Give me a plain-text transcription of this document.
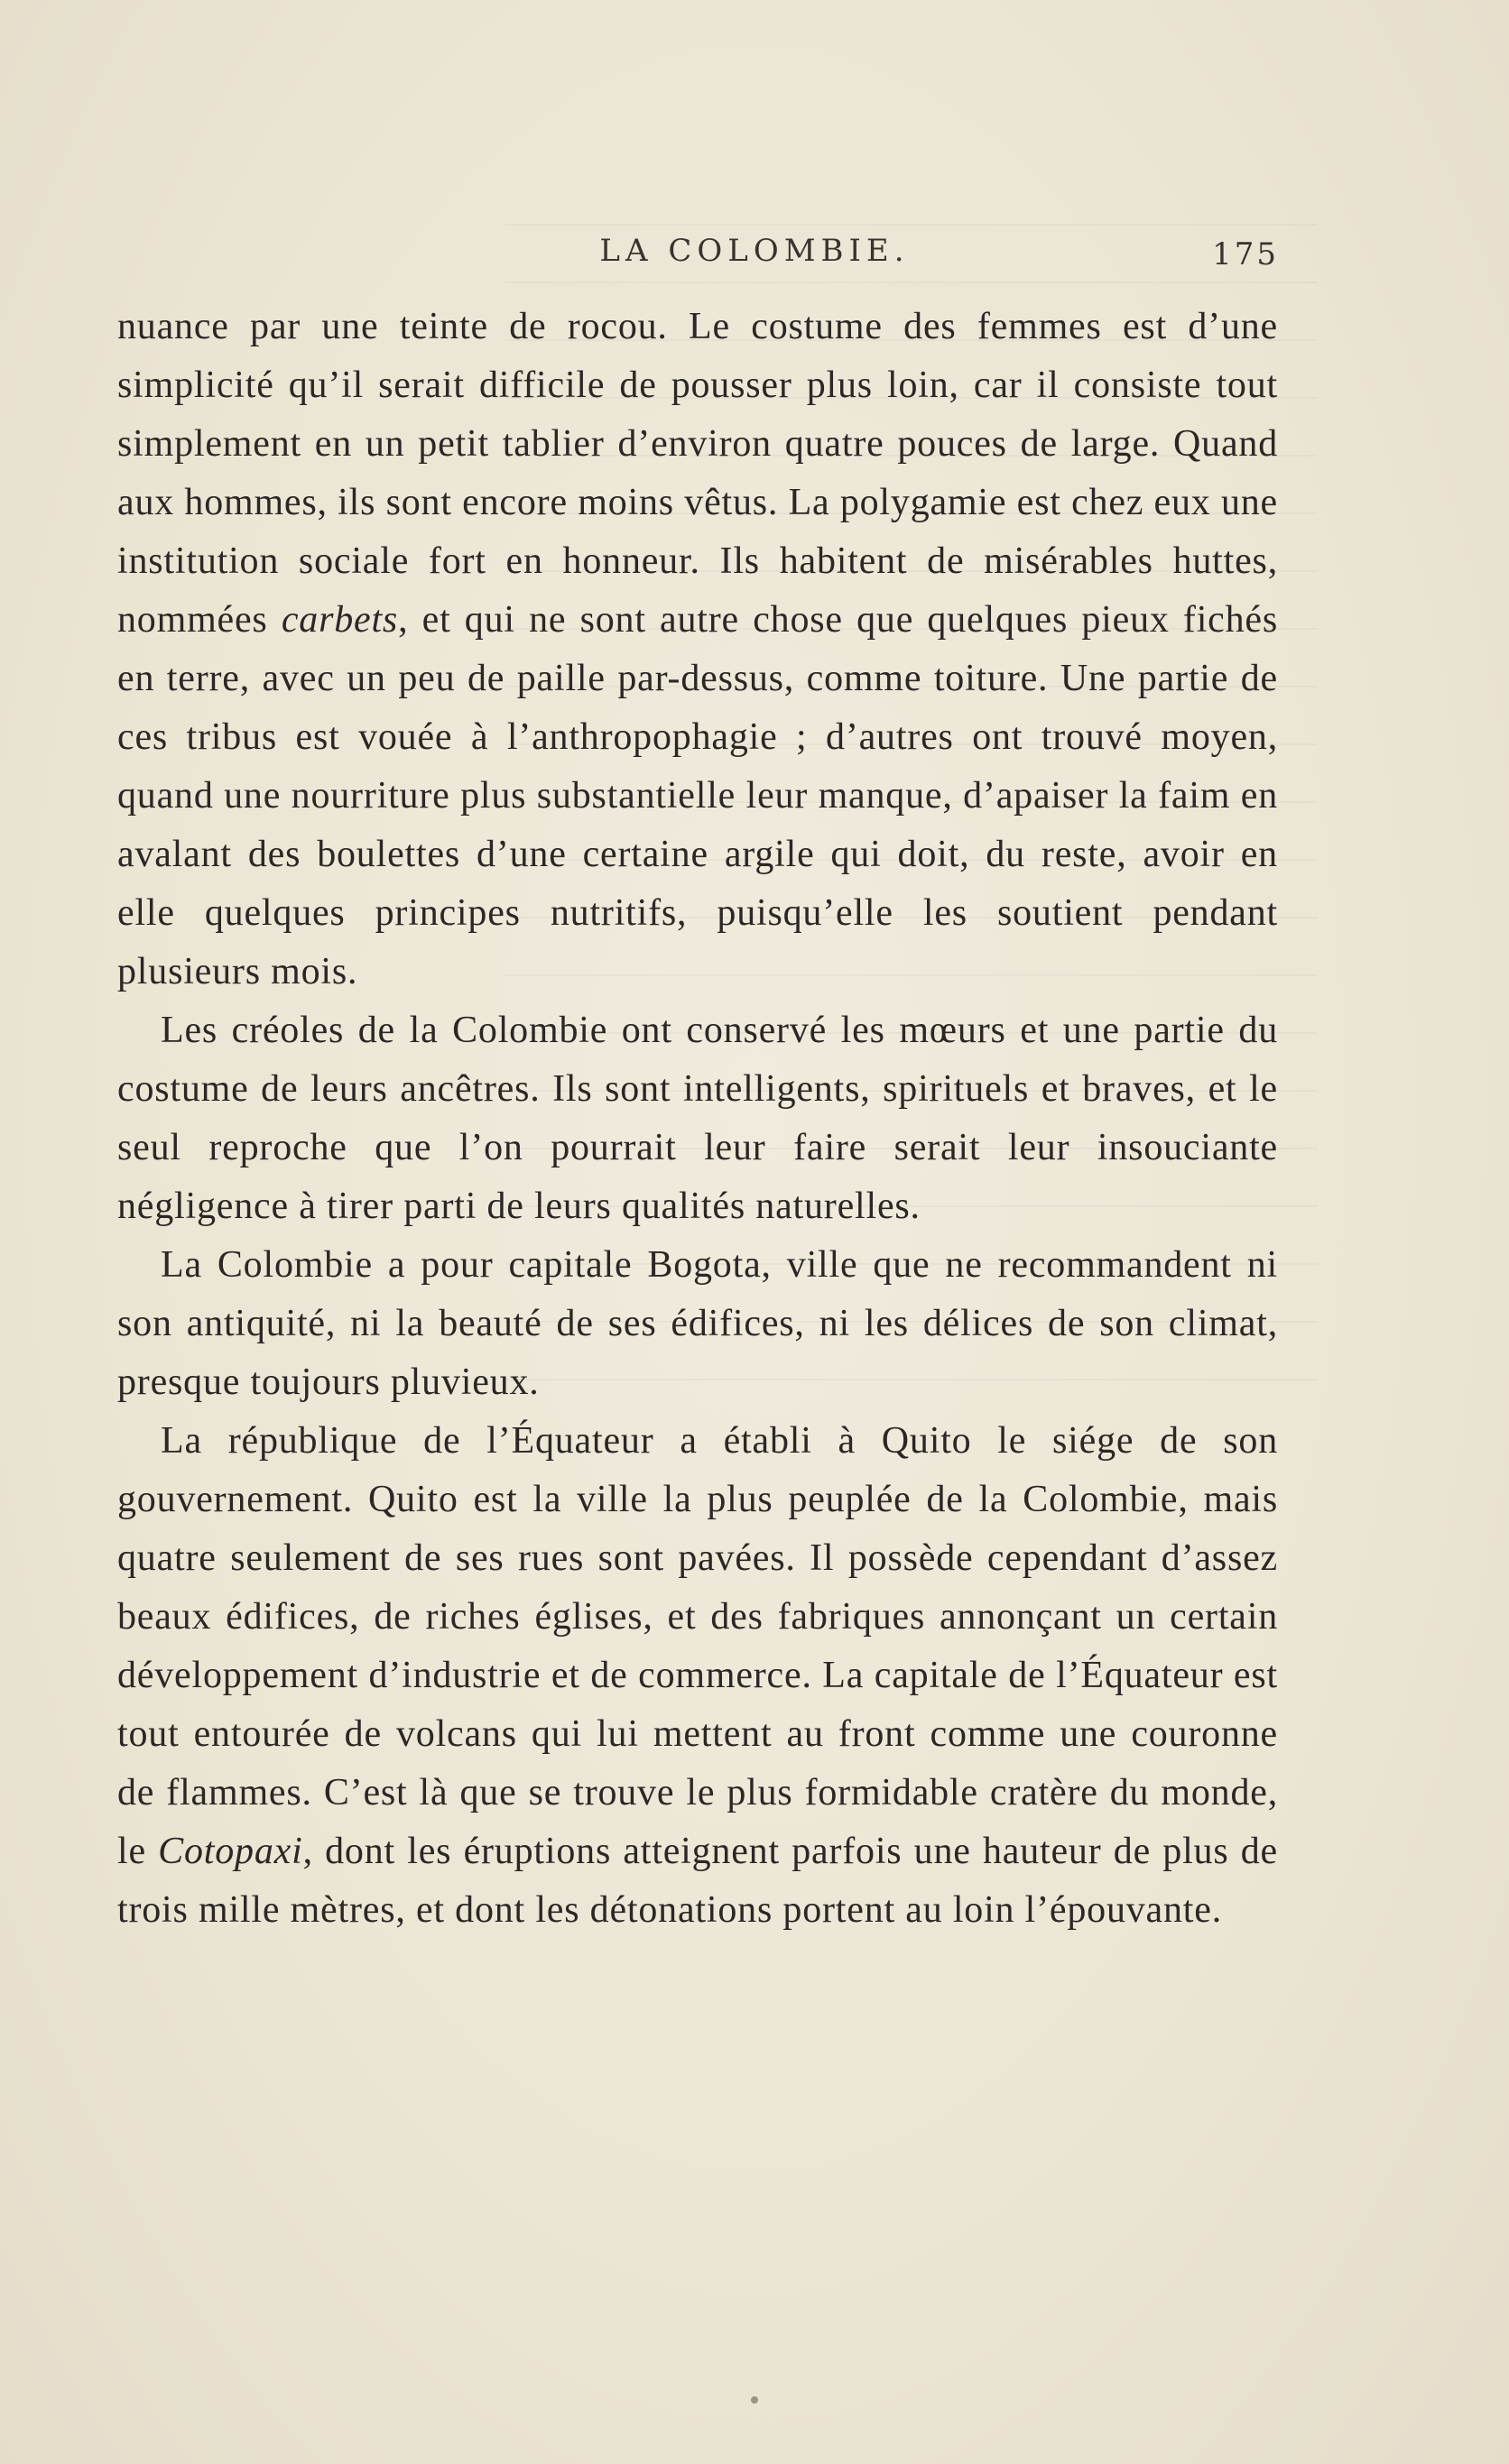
LA COLOMBIE.	175

nuance par une teinte de rocou. Le costume des femmes est d’une simplicité qu’il serait difficile de pousser plus loin, car il consiste tout simplement en un petit tablier d’environ quatre pouces de large. Quand aux hommes, ils sont encore moins vêtus. La polygamie est chez eux une institution sociale fort en honneur. Ils habitent de misérables huttes, nommées carbets, et qui ne sont autre chose que quelques pieux fichés en terre, avec un peu de paille par-dessus, comme toiture. Une partie de ces tribus est vouée à l’anthropophagie ; d’autres ont trouvé moyen, quand une nourriture plus substantielle leur manque, d’apaiser la faim en avalant des boulettes d’une certaine argile qui doit, du reste, avoir en elle quelques principes nutritifs, puisqu’elle les soutient pendant plusieurs mois.

Les créoles de la Colombie ont conservé les mœurs et une partie du costume de leurs ancêtres. Ils sont intelligents, spirituels et braves, et le seul reproche que l’on pourrait leur faire serait leur insouciante négligence à tirer parti de leurs qualités naturelles.

La Colombie a pour capitale Bogota, ville que ne recommandent ni son antiquité, ni la beauté de ses édifices, ni les délices de son climat, presque toujours pluvieux.

La république de l’Équateur a établi à Quito le siége de son gouvernement. Quito est la ville la plus peuplée de la Colombie, mais quatre seulement de ses rues sont pavées. Il possède cependant d’assez beaux édifices, de riches églises, et des fabriques annonçant un certain développement d’industrie et de commerce. La capitale de l’Équateur est tout entourée de volcans qui lui mettent au front comme une couronne de flammes. C’est là que se trouve le plus formidable cratère du monde, le Cotopaxi, dont les éruptions atteignent parfois une hauteur de plus de trois mille mètres, et dont les détonations portent au loin l’épouvante.
